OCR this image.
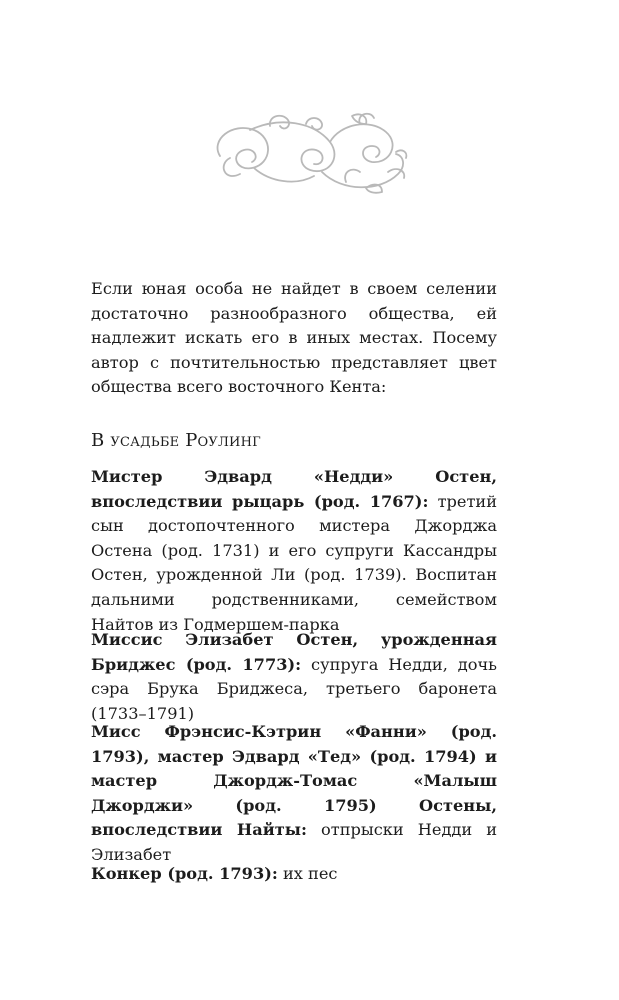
Если юная особа не найдет в своем селении достаточно разнообразного общества, ей надлежит искать его в иных местах. Посему автор с почтительностью представляет цвет общества всего восточного Кента:

В усадьбе Роулинг

Мистер Эдвард «Недди» Остен, впоследствии рыцарь (род. 1767): третий сын достопочтенного мистера Джорджа Остена (род. 1731) и его супруги Кассандры Остен, урожденной Ли (род. 1739). Воспитан дальними родственниками, семейством Найтов из Годмершем-парка

Миссис Элизабет Остен, урожденная Бриджес (род. 1773): супруга Недди, дочь сэра Брука Бриджеса, третьего баронета (1733–1791)

Мисс Фрэнсис-Кэтрин «Фанни» (род. 1793), мастер Эдвард «Тед» (род. 1794) и мастер Джордж-Томас «Малыш Джорджи» (род. 1795) Остены, впоследствии Найты: отпрыски Недди и Элизабет

Конкер (род. 1793): их пес
